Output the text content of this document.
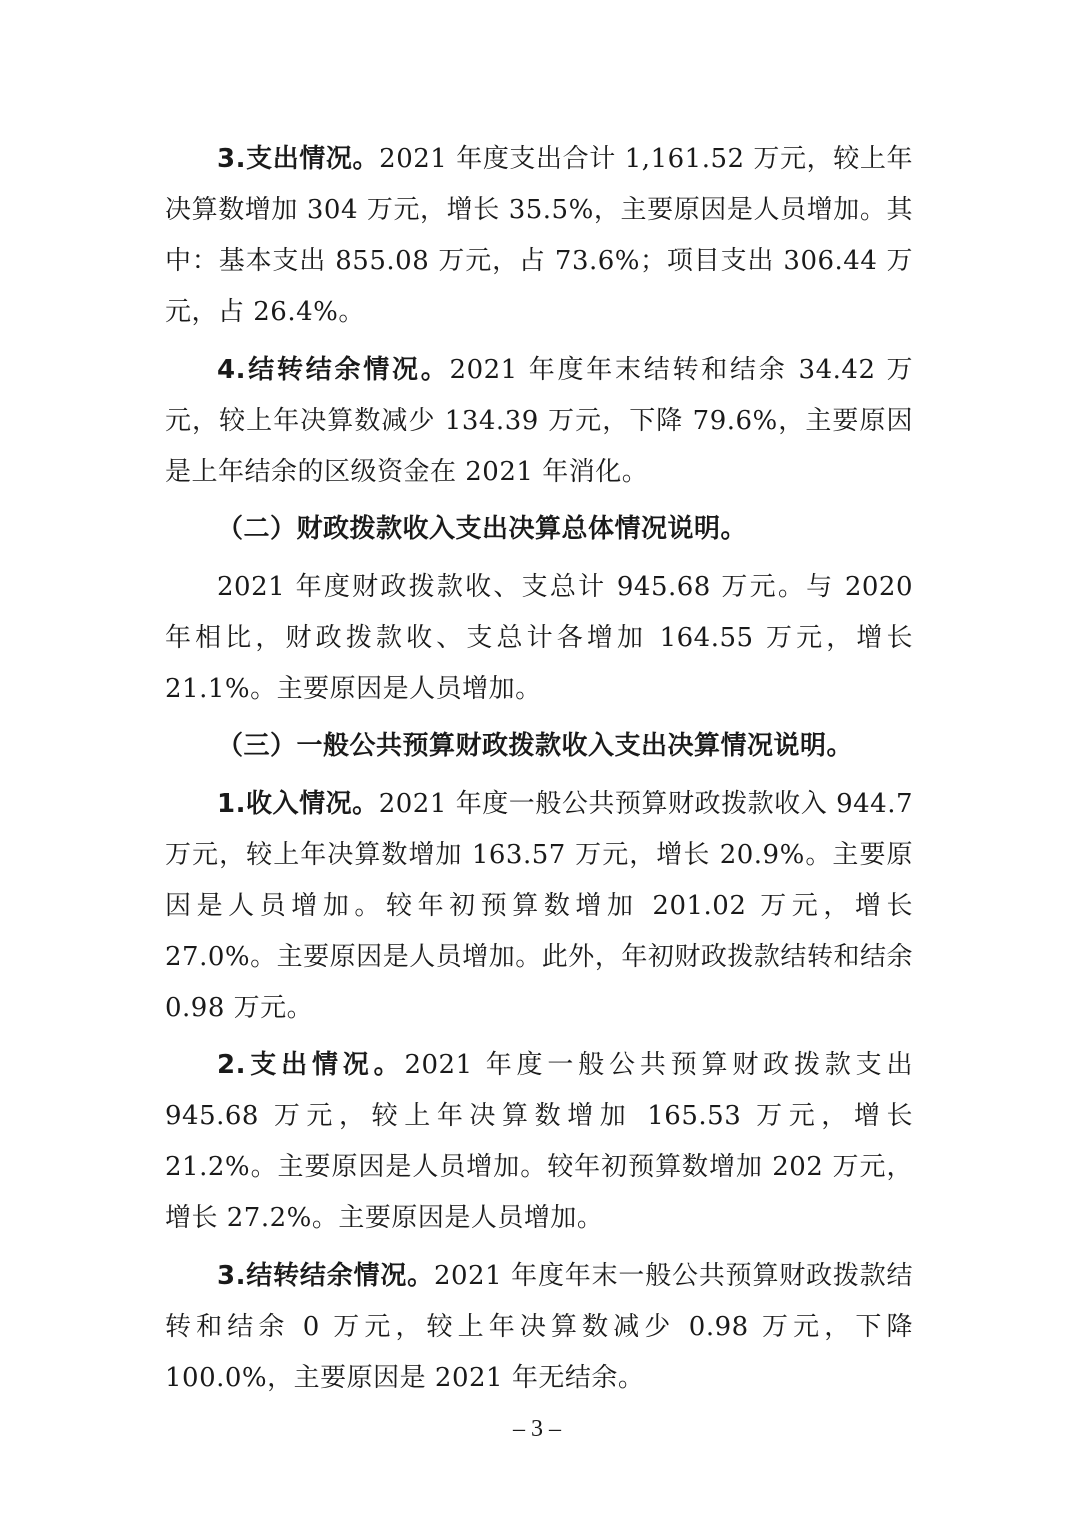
3.支出情况。2021 年度支出合计 1,161.52 万元，较上年决算数增加 304 万元，增长 35.5%，主要原因是人员增加。其中：基本支出 855.08 万元，占 73.6%；项目支出 306.44 万元，占 26.4%。

4.结转结余情况。2021 年度年末结转和结余 34.42 万元，较上年决算数减少 134.39 万元，下降 79.6%，主要原因是上年结余的区级资金在 2021 年消化。

（二）财政拨款收入支出决算总体情况说明。

2021 年度财政拨款收、支总计 945.68 万元。与 2020 年相比，财政拨款收、支总计各增加 164.55 万元，增长 21.1%。主要原因是人员增加。

（三）一般公共预算财政拨款收入支出决算情况说明。

1.收入情况。2021 年度一般公共预算财政拨款收入 944.7 万元，较上年决算数增加 163.57 万元，增长 20.9%。主要原因是人员增加。较年初预算数增加 201.02 万元，增长 27.0%。主要原因是人员增加。此外，年初财政拨款结转和结余 0.98 万元。

2.支出情况。2021 年度一般公共预算财政拨款支出 945.68 万元，较上年决算数增加 165.53 万元，增长 21.2%。主要原因是人员增加。较年初预算数增加 202 万元，增长 27.2%。主要原因是人员增加。

3.结转结余情况。2021 年度年末一般公共预算财政拨款结转和结余 0 万元，较上年决算数减少 0.98 万元，下降 100.0%，主要原因是 2021 年无结余。

– 3 –
